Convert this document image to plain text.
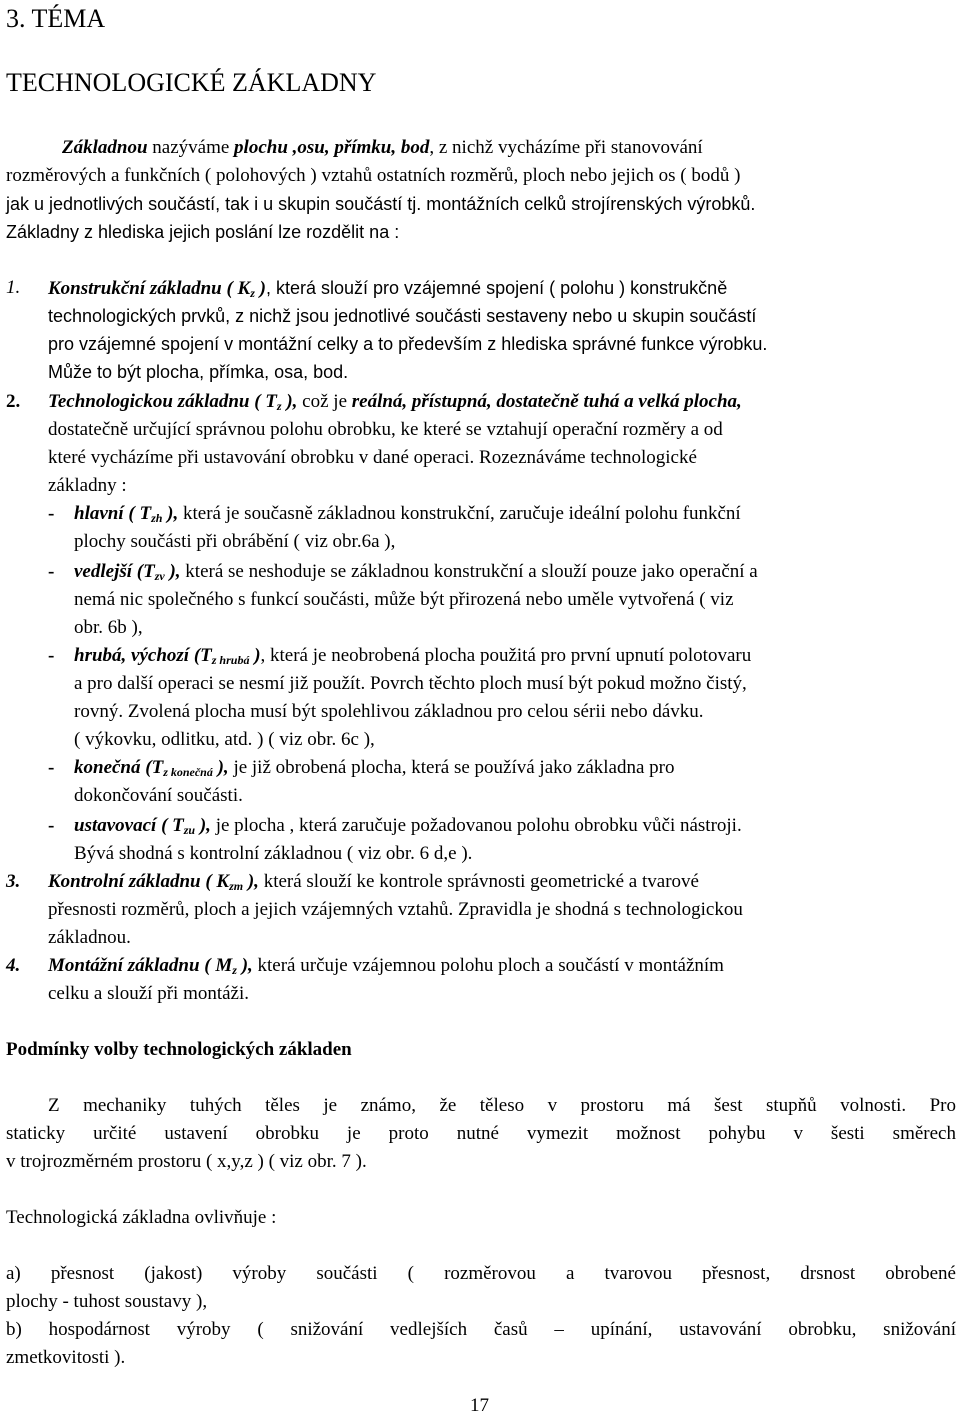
3. TÉMA
TECHNOLOGICKÉ ZÁKLADNY
Základnou nazýváme plochu ,osu, přímku, bod, z nichž vycházíme při stanovování
rozměrových a funkčních ( polohových ) vztahů ostatních rozměrů, ploch nebo jejich os ( bodů )
jak u jednotlivých součástí, tak i u skupin součástí tj. montážních celků strojírenských výrobků.
Základny z hlediska jejich poslání lze rozdělit na :
1. Konstrukční základnu ( $K_z$ ), která slouží pro vzájemné spojení ( polohu ) konstrukčně
technologických prvků, z nichž jsou jednotlivé součásti sestaveny nebo u skupin součástí
pro vzájemné spojení v montážní celky a to především z hlediska správné funkce výrobku.
Může to být plocha, přímka, osa, bod.
2. Technologickou základnu ( $T_z$ ), což je reálná, přístupná, dostatečně tuhá a velká plocha,
dostatečně určující správnou polohu obrobku, ke které se vztahují operační rozměry a od
které vycházíme při ustavování obrobku v dané operaci. Rozeznáváme technologické
základny :
- hlavní ( $T_{zh}$ ), která je současně základnou konstrukční, zaručuje ideální polohu funkční
plochy součásti při obrábění ( viz obr.6a ),
- vedlejší ($T_{zv}$ ), která se neshoduje se základnou konstrukční a slouží pouze jako operační a
nemá nic společného s funkcí součásti, může být přirozená nebo uměle vytvořená ( viz
obr. 6b ),
- hrubá, výchozí ($T_{z hrubá}$ ), která je neobrobená plocha použitá pro první upnutí polotovaru
a pro další operaci se nesmí již použít. Povrch těchto ploch musí být pokud možno čistý,
rovný. Zvolená plocha musí být spolehlivou základnou pro celou sérii nebo dávku.
( výkovku, odlitku, atd. ) ( viz obr. 6c ),
- konečná ($T_{z konečná}$ ), je již obrobená plocha, která se používá jako základna pro
dokončování součásti.
- ustavovací ( $T_{zu}$ ), je plocha , která zaručuje požadovanou polohu obrobku vůči nástroji.
Bývá shodná s kontrolní základnou ( viz obr. 6 d,e ).
3. Kontrolní základnu ( $K_{zm}$ ), která slouží ke kontrole správnosti geometrické a tvarové
přesnosti rozměrů, ploch a jejich vzájemných vztahů. Zpravidla je shodná s technologickou
základnou.
4. Montážní základnu ( $M_z$ ), která určuje vzájemnou polohu ploch a součástí v montážním
celku a slouží při montáži.
Podmínky volby technologických základen
Z mechaniky tuhých těles je známo, že těleso v prostoru má šest stupňů volnosti. Pro
staticky určité ustavení obrobku je proto nutné vymezit možnost pohybu v šesti směrech
v trojrozměrném prostoru ( x,y,z ) ( viz obr. 7 ).
Technologická základna ovlivňuje :
a) přesnost (jakost) výroby součásti ( rozměrovou a tvarovou přesnost, drsnost obrobené
plochy - tuhost soustavy ),
b) hospodárnost výroby ( snižování vedlejších časů – upínání, ustavování obrobku, snižování
zmetkovitosti ).
17
